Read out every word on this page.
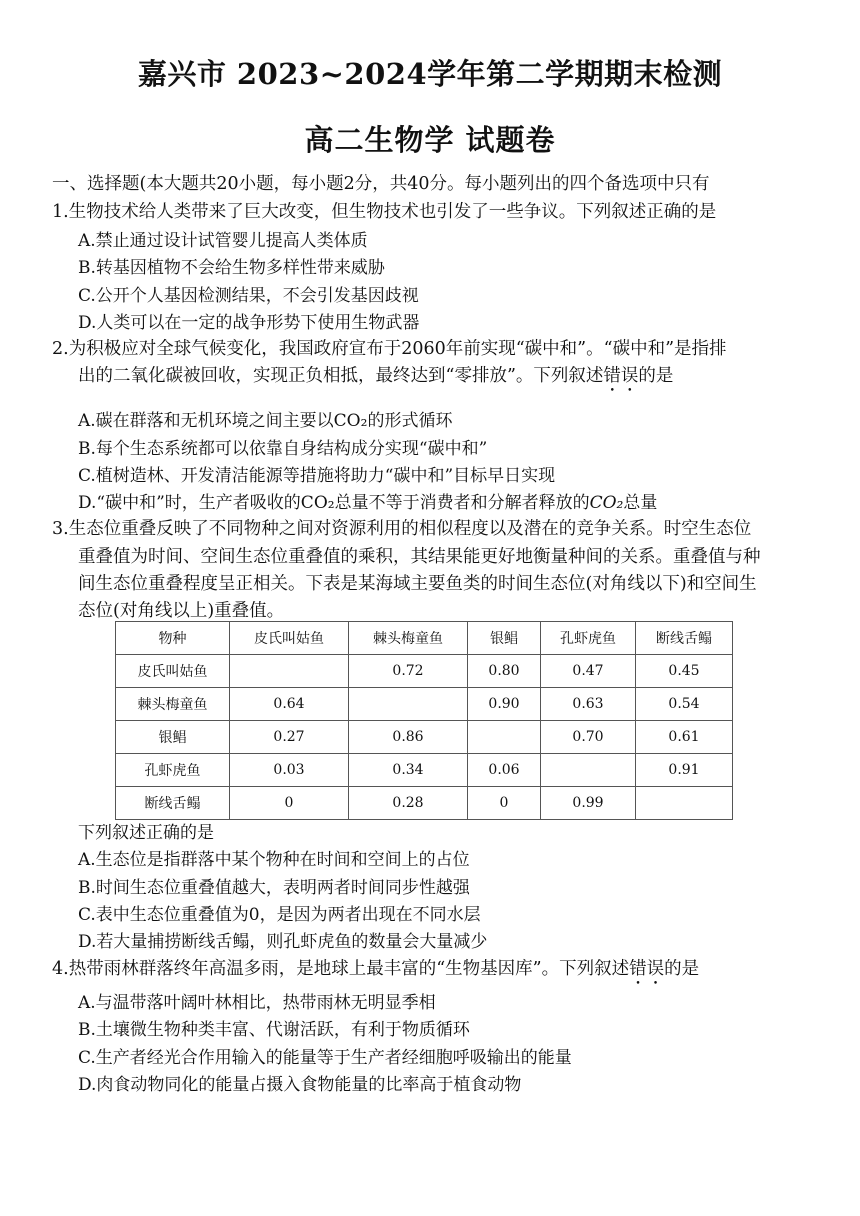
嘉兴市 2023~2024学年第二学期期末检测
高二生物学 试题卷
一、选择题(本大题共20小题，每小题2分，共40分。每小题列出的四个备选项中只有
1.生物技术给人类带来了巨大改变，但生物技术也引发了一些争议。下列叙述正确的是
A.禁止通过设计试管婴儿提高人类体质
B.转基因植物不会给生物多样性带来威胁
C.公开个人基因检测结果，不会引发基因歧视
D.人类可以在一定的战争形势下使用生物武器
2.为积极应对全球气候变化，我国政府宣布于2060年前实现“碳中和”。“碳中和”是指排
出的二氧化碳被回收，实现正负相抵，最终达到“零排放”。下列叙述错误的是
A.碳在群落和无机环境之间主要以CO₂的形式循环
B.每个生态系统都可以依靠自身结构成分实现“碳中和”
C.植树造林、开发清洁能源等措施将助力“碳中和”目标早日实现
D.“碳中和”时，生产者吸收的CO₂总量不等于消费者和分解者释放的CO₂总量
3.生态位重叠反映了不同物种之间对资源利用的相似程度以及潜在的竞争关系。时空生态位
重叠值为时间、空间生态位重叠值的乘积，其结果能更好地衡量种间的关系。重叠值与种
间生态位重叠程度呈正相关。下表是某海域主要鱼类的时间生态位(对角线以下)和空间生
态位(对角线以上)重叠值。
物种	皮氏叫姑鱼	棘头梅童鱼	银鲳	孔虾虎鱼	断线舌鳎
皮氏叫姑鱼		0.72	0.80	0.47	0.45
棘头梅童鱼	0.64		0.90	0.63	0.54
银鲳	0.27	0.86		0.70	0.61
孔虾虎鱼	0.03	0.34	0.06		0.91
断线舌鳎	0	0.28	0	0.99	
下列叙述正确的是
A.生态位是指群落中某个物种在时间和空间上的占位
B.时间生态位重叠值越大，表明两者时间同步性越强
C.表中生态位重叠值为0，是因为两者出现在不同水层
D.若大量捕捞断线舌鳎，则孔虾虎鱼的数量会大量减少
4.热带雨林群落终年高温多雨，是地球上最丰富的“生物基因库”。下列叙述错误的是
A.与温带落叶阔叶林相比，热带雨林无明显季相
B.土壤微生物种类丰富、代谢活跃，有利于物质循环
C.生产者经光合作用输入的能量等于生产者经细胞呼吸输出的能量
D.肉食动物同化的能量占摄入食物能量的比率高于植食动物
